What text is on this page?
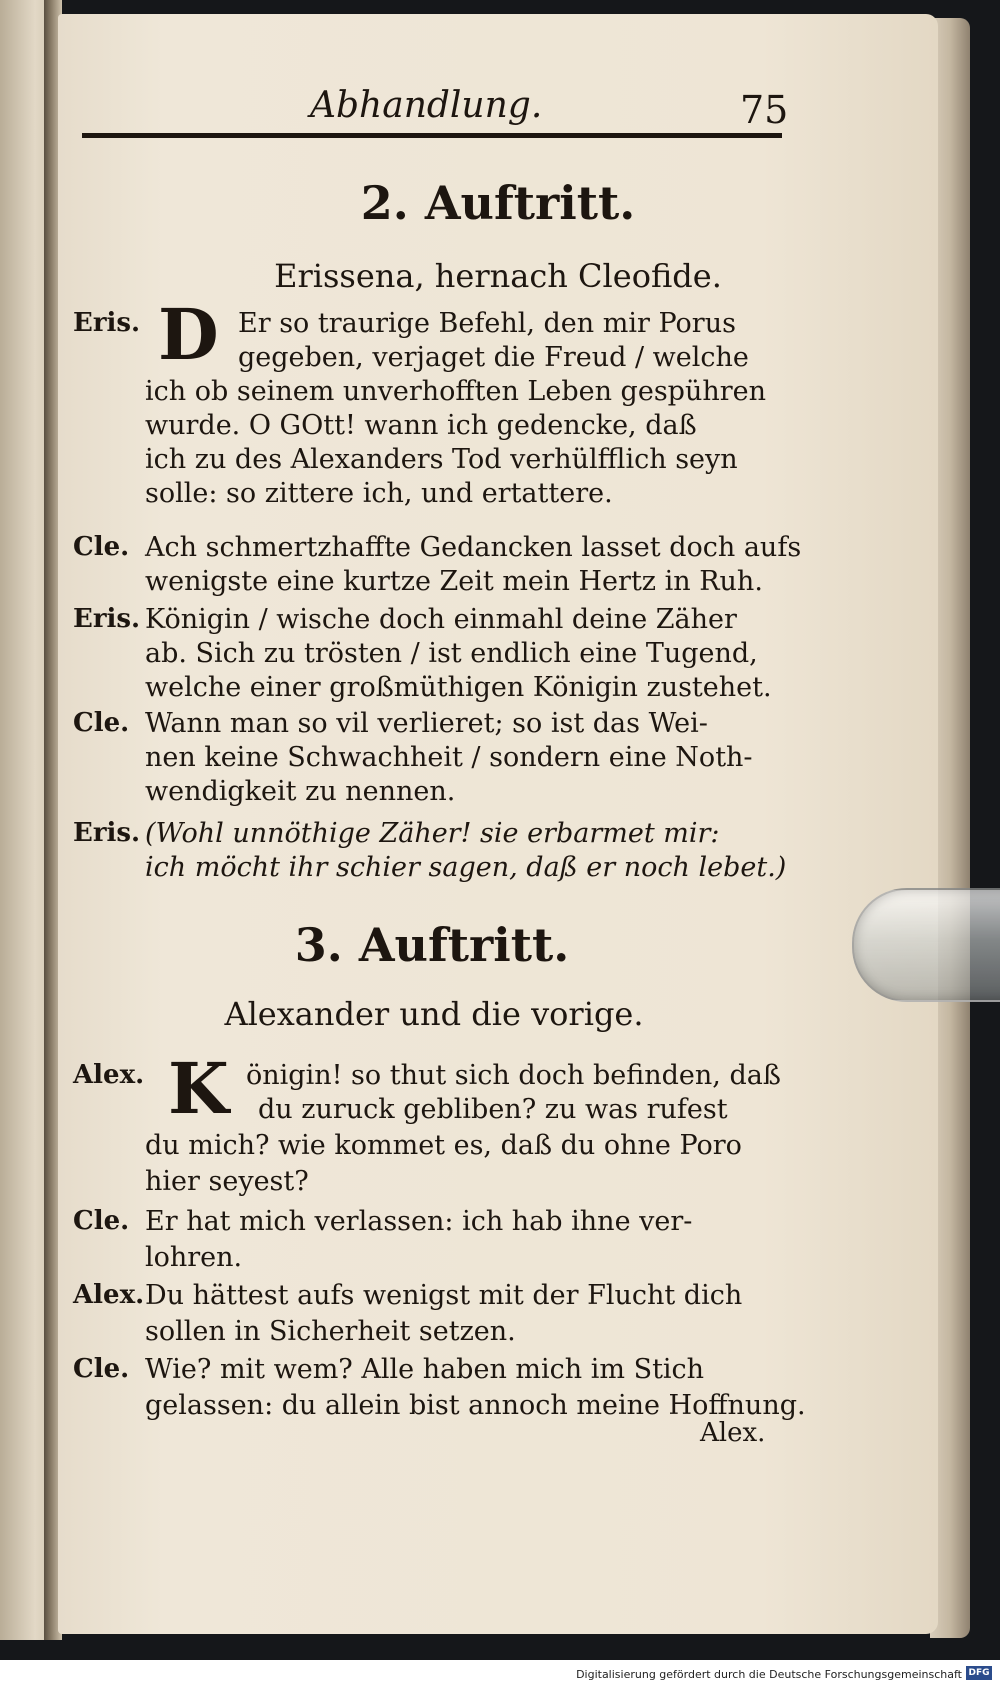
Abhandlung.	75
2. Auftritt.
Erissena, hernach Cleofide.
Eris. D Er so traurige Befehl, den mir Porus
gegeben, verjaget die Freud / welche
ich ob seinem unverhofften Leben gespühren
wurde. O GOtt! wann ich gedencke, daß
ich zu des Alexanders Tod verhülfflich seyn
solle: so zittere ich, und ertattere.
Cle. Ach schmertzhaffte Gedancken lasset doch aufs
wenigste eine kurtze Zeit mein Hertz in Ruh.
Eris. Königin / wische doch einmahl deine Zäher
ab. Sich zu trösten / ist endlich eine Tugend,
welche einer großmüthigen Königin zustehet.
Cle. Wann man so vil verlieret; so ist das Wei-
nen keine Schwachheit / sondern eine Noth-
wendigkeit zu nennen.
Eris. (Wohl unnöthige Zäher! sie erbarmet mir:
ich möcht ihr schier sagen, daß er noch lebet.)
3. Auftritt.
Alexander und die vorige.
Alex. K önigin! so thut sich doch befinden, daß
du zuruck gebliben? zu was rufest
du mich? wie kommet es, daß du ohne Poro
hier seyest?
Cle. Er hat mich verlassen: ich hab ihne ver-
lohren.
Alex. Du hättest aufs wenigst mit der Flucht dich
sollen in Sicherheit setzen.
Cle. Wie? mit wem? Alle haben mich im Stich
gelassen: du allein bist annoch meine Hoffnung.
Alex.
Digitalisierung gefördert durch die Deutsche Forschungsgemeinschaft DFG
